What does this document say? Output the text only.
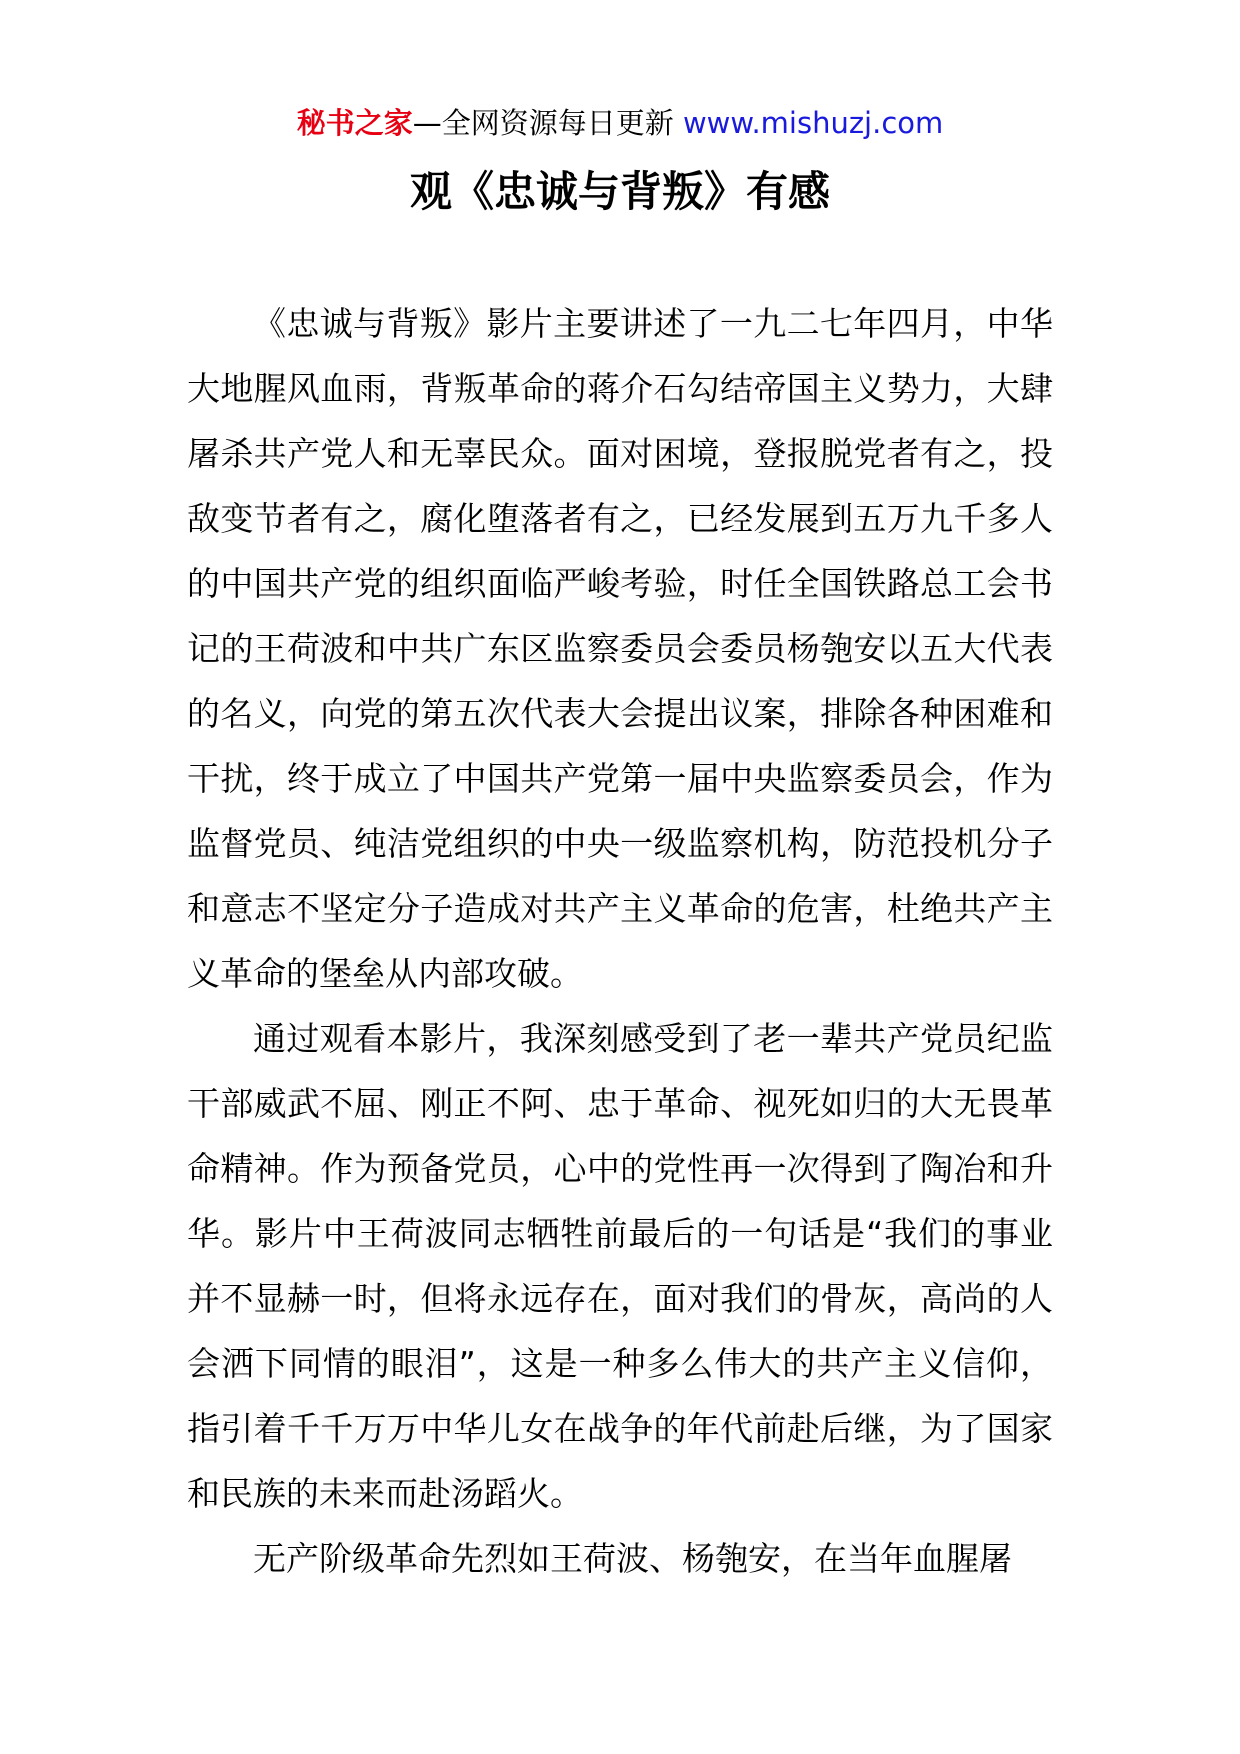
秘书之家—全网资源每日更新 www.mishuzj.com
观《忠诚与背叛》有感

《忠诚与背叛》影片主要讲述了一九二七年四月，中华大地腥风血雨，背叛革命的蒋介石勾结帝国主义势力，大肆屠杀共产党人和无辜民众。面对困境，登报脱党者有之，投敌变节者有之，腐化堕落者有之，已经发展到五万九千多人的中国共产党的组织面临严峻考验，时任全国铁路总工会书记的王荷波和中共广东区监察委员会委员杨匏安以五大代表的名义，向党的第五次代表大会提出议案，排除各种困难和干扰，终于成立了中国共产党第一届中央监察委员会，作为监督党员、纯洁党组织的中央一级监察机构，防范投机分子和意志不坚定分子造成对共产主义革命的危害，杜绝共产主义革命的堡垒从内部攻破。

通过观看本影片，我深刻感受到了老一辈共产党员纪监干部威武不屈、刚正不阿、忠于革命、视死如归的大无畏革命精神。作为预备党员，心中的党性再一次得到了陶冶和升华。影片中王荷波同志牺牲前最后的一句话是“我们的事业并不显赫一时，但将永远存在，面对我们的骨灰，高尚的人会洒下同情的眼泪”，这是一种多么伟大的共产主义信仰，指引着千千万万中华儿女在战争的年代前赴后继，为了国家和民族的未来而赴汤蹈火。

无产阶级革命先烈如王荷波、杨匏安，在当年血腥屠
